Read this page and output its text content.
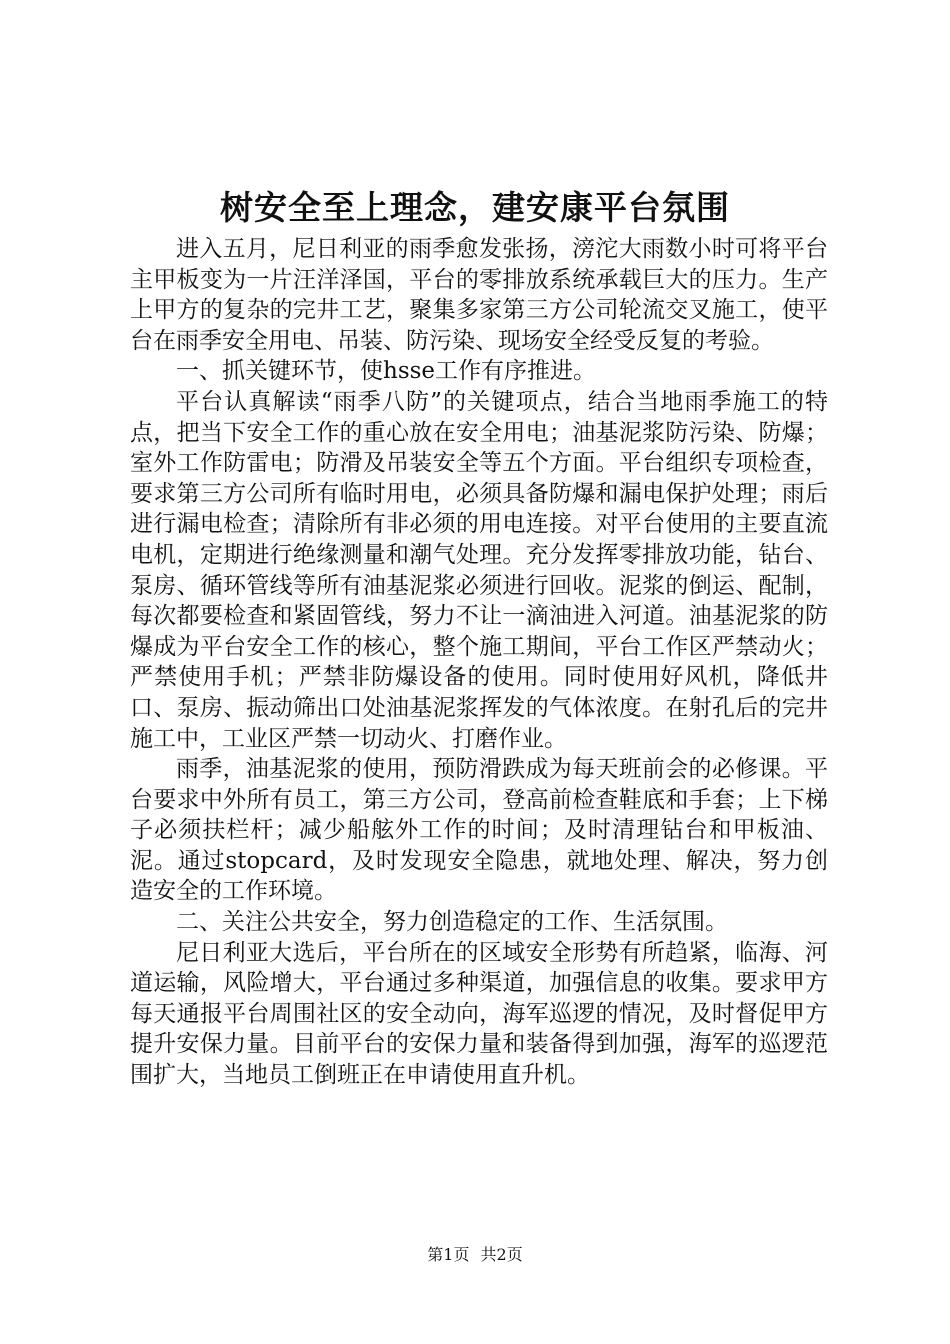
树安全至上理念，建安康平台氛围

进入五月，尼日利亚的雨季愈发张扬，滂沱大雨数小时可将平台主甲板变为一片汪洋泽国，平台的零排放系统承载巨大的压力。生产上甲方的复杂的完井工艺，聚集多家第三方公司轮流交叉施工，使平台在雨季安全用电、吊装、防污染、现场安全经受反复的考验。

一、抓关键环节，使hsse工作有序推进。

平台认真解读“雨季八防”的关键项点，结合当地雨季施工的特点，把当下安全工作的重心放在安全用电；油基泥浆防污染、防爆；室外工作防雷电；防滑及吊装安全等五个方面。平台组织专项检查，要求第三方公司所有临时用电，必须具备防爆和漏电保护处理；雨后进行漏电检查；清除所有非必须的用电连接。对平台使用的主要直流电机，定期进行绝缘测量和潮气处理。充分发挥零排放功能，钻台、泵房、循环管线等所有油基泥浆必须进行回收。泥浆的倒运、配制，每次都要检查和紧固管线，努力不让一滴油进入河道。油基泥浆的防爆成为平台安全工作的核心，整个施工期间，平台工作区严禁动火；严禁使用手机；严禁非防爆设备的使用。同时使用好风机，降低井口、泵房、振动筛出口处油基泥浆挥发的气体浓度。在射孔后的完井施工中，工业区严禁一切动火、打磨作业。

雨季，油基泥浆的使用，预防滑跌成为每天班前会的必修课。平台要求中外所有员工，第三方公司，登高前检查鞋底和手套；上下梯子必须扶栏杆；减少船舷外工作的时间；及时清理钻台和甲板油、泥。通过stopcard，及时发现安全隐患，就地处理、解决，努力创造安全的工作环境。

二、关注公共安全，努力创造稳定的工作、生活氛围。

尼日利亚大选后，平台所在的区域安全形势有所趋紧，临海、河道运输，风险增大，平台通过多种渠道，加强信息的收集。要求甲方每天通报平台周围社区的安全动向，海军巡逻的情况，及时督促甲方提升安保力量。目前平台的安保力量和装备得到加强，海军的巡逻范围扩大，当地员工倒班正在申请使用直升机。

第1页 共2页
